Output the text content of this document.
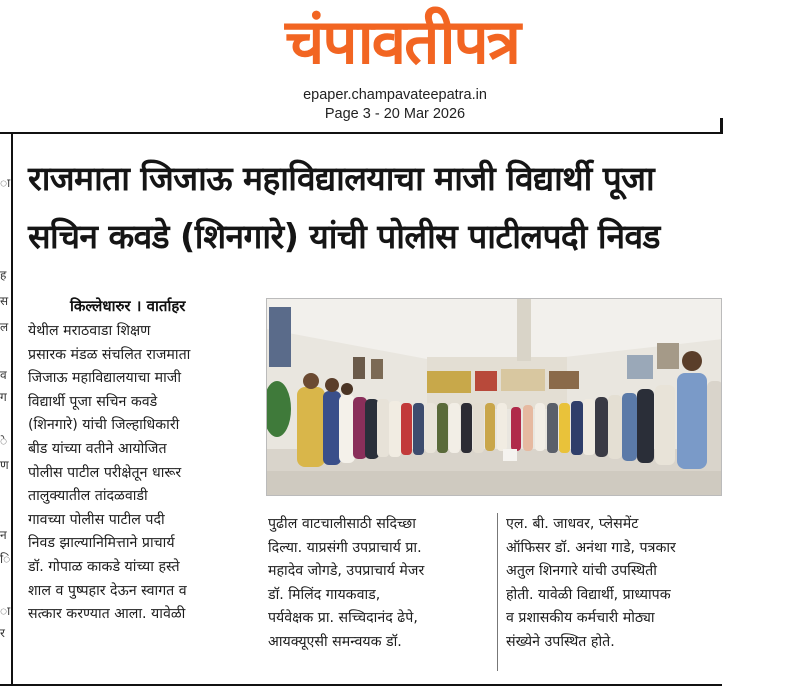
चंपावतीपत्र
epaper.champavateepatra.in
Page 3 - 20 Mar 2026
ा
ह
स
ल
व
ग
े
ण
न
ि
ा
र
राजमाता जिजाऊ महाविद्यालयाचा माजी विद्यार्थी पूजा
सचिन कवडे (शिनगारे) यांची पोलीस पाटीलपदी निवड
किल्लेधारुर । वार्ताहर
येथील मराठवाडा शिक्षण
प्रसारक मंडळ संचलित राजमाता
जिजाऊ महाविद्यालयाचा माजी
विद्यार्थी पूजा सचिन कवडे
(शिनगारे) यांची जिल्हाधिकारी
बीड यांच्या वतीने आयोजित
पोलीस पाटील परीक्षेतून धारूर
तालुक्यातील तांदळवाडी
गावच्या पोलीस पाटील पदी
निवड झाल्यानिमित्ताने प्राचार्य
डॉ. गोपाळ काकडे यांच्या हस्ते
शाल व पुष्पहार देऊन स्वागत व
सत्कार करण्यात आला. यावेळी
पुढील वाटचालीसाठी सदिच्छा
दिल्या. याप्रसंगी उपप्राचार्य प्रा.
महादेव जोगडे, उपप्राचार्य मेजर
डॉ. मिलिंद गायकवाड,
पर्यवेक्षक प्रा. सच्चिदानंद ढेपे,
आयक्यूएसी समन्वयक डॉ.
एल. बी. जाधवर, प्लेसमेंट
ऑफिसर डॉ. अनंथा गाडे, पत्रकार
अतुल शिनगारे यांची उपस्थिती
होती. यावेळी विद्यार्थी, प्राध्यापक
व प्रशासकीय कर्मचारी मोठ्या
संख्येने उपस्थित होते.
